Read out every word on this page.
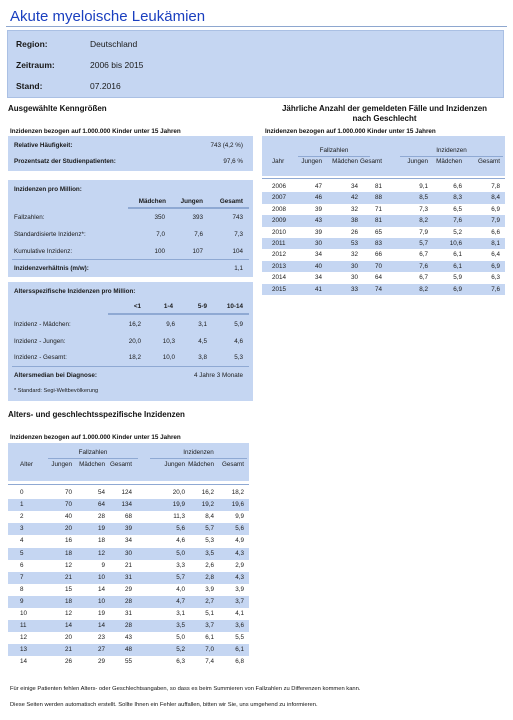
Akute myeloische Leukämien
Region:	Deutschland
Zeitraum:	2006 bis 2015
Stand:	07.2016
Ausgewählte Kenngrößen
Inzidenzen bezogen auf 1.000.000 Kinder unter 15 Jahren
Relative Häufigkeit:	743 (4,2 %)
Prozentsatz der Studienpatienten:	97,6 %
Inzidenzen pro Million:
Mädchen Jungen	Gesamt
Fallzahlen:	350	393	743
Standardisierte Inzidenz*:	7,0	7,6	7,3
Kumulative Inzidenz:	100	107	104
Inzidenzverhältnis (m/w):	1,1
Altersspezifische Inzidenzen pro Million:
<1	1-4	5-9	10-14
Inzidenz - Mädchen:	16,2	9,6	3,1	5,9
Inzidenz - Jungen:	20,0	10,3	4,5	4,6
Inzidenz - Gesamt:	18,2	10,0	3,8	5,3
Altersmedian bei Diagnose:	4 Jahre 3 Monate
* Standard: Segi-Weltbevölkerung
Jährliche Anzahl der gemeldeten Fälle und Inzidenzen
nach Geschlecht
Inzidenzen bezogen auf 1.000.000 Kinder unter 15 Jahren
Fallzahlen	Inzidenzen
Jahr	Jungen Mädchen Gesamt	Jungen Mädchen	Gesamt
2006	47	34	81	9,1	6,6	7,8
2007	46	42	88	8,5	8,3	8,4
2008	39	32	71	7,3	6,5	6,9
2009	43	38	81	8,2	7,6	7,9
2010	39	26	65	7,9	5,2	6,6
2011	30	53	83	5,7	10,6	8,1
2012	34	32	66	6,7	6,1	6,4
2013	40	30	70	7,6	6,1	6,9
2014	34	30	64	6,7	5,9	6,3
2015	41	33	74	8,2	6,9	7,6
Alters- und geschlechtsspezifische Inzidenzen
Inzidenzen bezogen auf 1.000.000 Kinder unter 15 Jahren
Fallzahlen	Inzidenzen
Alter	Jungen Mädchen Gesamt	Jungen Mädchen Gesamt
0	70	54	124	20,0	16,2	18,2
1	70	64	134	19,9	19,2	19,6
2	40	28	68	11,3	8,4	9,9
3	20	19	39	5,6	5,7	5,6
4	16	18	34	4,6	5,3	4,9
5	18	12	30	5,0	3,5	4,3
6	12	9	21	3,3	2,6	2,9
7	21	10	31	5,7	2,8	4,3
8	15	14	29	4,0	3,9	3,9
9	18	10	28	4,7	2,7	3,7
10	12	19	31	3,1	5,1	4,1
11	14	14	28	3,5	3,7	3,6
12	20	23	43	5,0	6,1	5,5
13	21	27	48	5,2	7,0	6,1
14	26	29	55	6,3	7,4	6,8
Für einige Patienten fehlen Alters- oder Geschlechtsangaben, so dass es beim Summieren von Fallzahlen zu Differenzen kommen kann.
Diese Seiten werden automatisch erstellt. Sollte Ihnen ein Fehler auffallen, bitten wir Sie, uns umgehend zu informieren.
